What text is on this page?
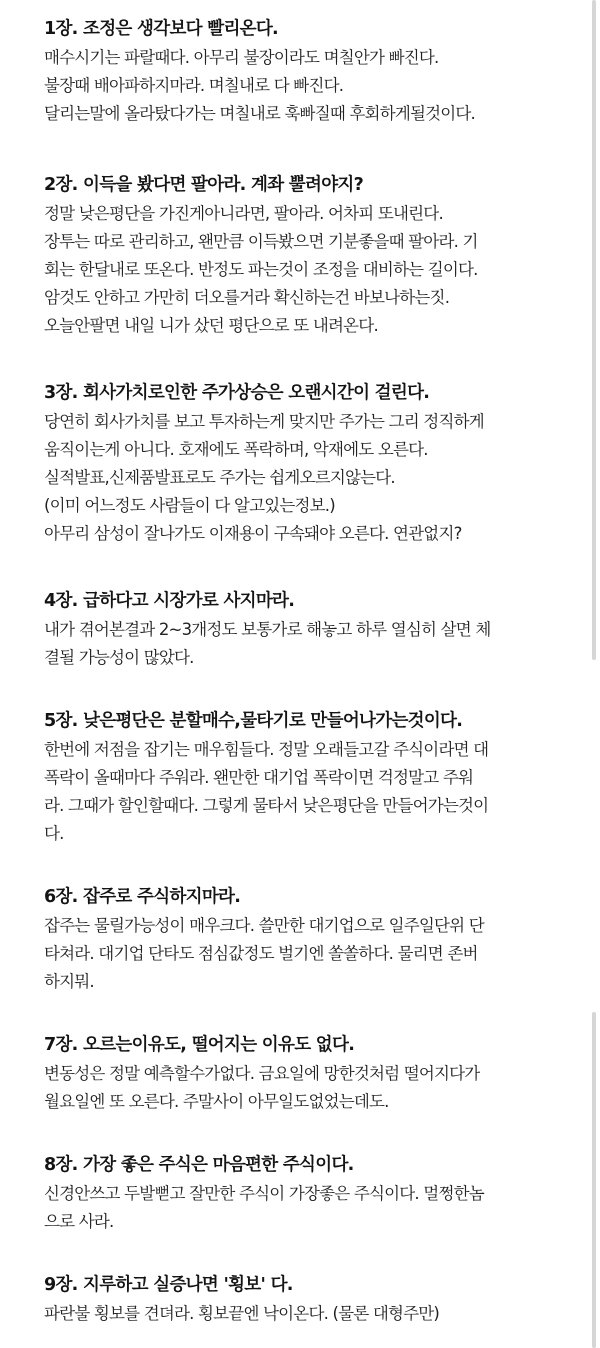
1장. 조정은 생각보다 빨리온다.
매수시기는 파랄때다. 아무리 불장이라도 며칠안가 빠진다.
불장때 배아파하지마라. 며칠내로 다 빠진다.
달리는말에 올라탔다가는 며칠내로 훅빠질때 후회하게될것이다.
2장. 이득을 봤다면 팔아라. 계좌 뿔려야지?
정말 낮은평단을 가진게아니라면, 팔아라. 어차피 또내린다.
장투는 따로 관리하고, 왠만큼 이득봤으면 기분좋을때 팔아라. 기
회는 한달내로 또온다. 반정도 파는것이 조정을 대비하는 길이다.
암것도 안하고 가만히 더오를거라 확신하는건 바보나하는짓.
오늘안팔면 내일 니가 샀던 평단으로 또 내려온다.
3장. 회사가치로인한 주가상승은 오랜시간이 걸린다.
당연히 회사가치를 보고 투자하는게 맞지만 주가는 그리 정직하게
움직이는게 아니다. 호재에도 폭락하며, 악재에도 오른다.
실적발표,신제품발표로도 주가는 쉽게오르지않는다.
(이미 어느정도 사람들이 다 알고있는정보.)
아무리 삼성이 잘나가도 이재용이 구속돼야 오른다. 연관없지?
4장. 급하다고 시장가로 사지마라.
내가 겪어본결과 2~3개정도 보통가로 해놓고 하루 열심히 살면 체
결될 가능성이 많았다.
5장. 낮은평단은 분할매수,물타기로 만들어나가는것이다.
한번에 저점을 잡기는 매우힘들다. 정말 오래들고갈 주식이라면 대
폭락이 올때마다 주워라. 왠만한 대기업 폭락이면 걱정말고 주워
라. 그때가 할인할때다. 그렇게 물타서 낮은평단을 만들어가는것이
다.
6장. 잡주로 주식하지마라.
잡주는 물릴가능성이 매우크다. 쓸만한 대기업으로 일주일단위 단
타쳐라. 대기업 단타도 점심값정도 벌기엔 쏠쏠하다. 물리면 존버
하지뭐.
7장. 오르는이유도, 떨어지는 이유도 없다.
변동성은 정말 예측할수가없다. 금요일에 망한것처럼 떨어지다가
월요일엔 또 오른다. 주말사이 아무일도없었는데도.
8장. 가장 좋은 주식은 마음편한 주식이다.
신경안쓰고 두발뻗고 잘만한 주식이 가장좋은 주식이다. 멀쩡한놈
으로 사라.
9장. 지루하고 실증나면 '횡보' 다.
파란불 횡보를 견뎌라. 횡보끝엔 낙이온다. (물론 대형주만)
